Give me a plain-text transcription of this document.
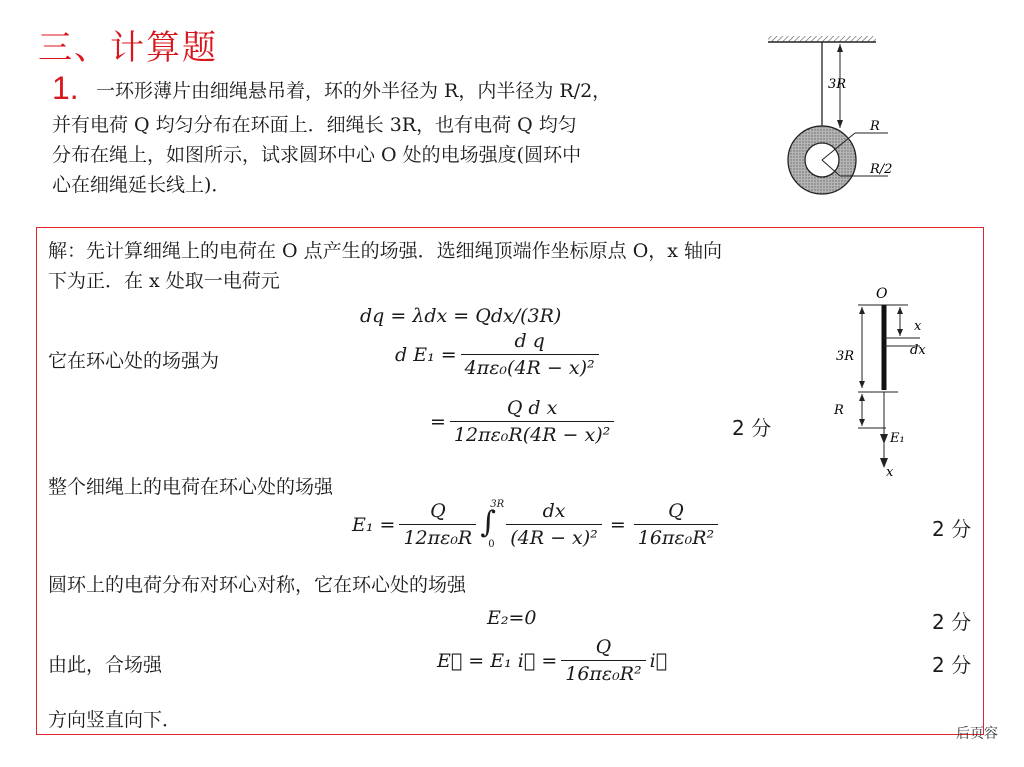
三、计算题
1. 一环形薄片由细绳悬吊着，环的外半径为 R，内半径为 R/2，
并有电荷 Q 均匀分布在环面上．细绳长 3R，也有电荷 Q 均匀
分布在绳上，如图所示，试求圆环中心 O 处的电场强度(圆环中
心在细绳延长线上)．
3R
R
R/2
解：先计算细绳上的电荷在 O 点产生的场强．选细绳顶端作坐标原点 O，x 轴向
下为正．在 x 处取一电荷元
dq = λdx = Qdx/(3R)
它在环心处的场强为	d $E_1 = \frac{\text{d q}}{\text{4πε₀(4R − x)²}}$
= $\frac{\text{Q d x}}{\text{12πε₀R(4R − x)²}}$	2 分
O
x
dx
3R
R
E₁
x
整个细绳上的电荷在环心处的场强
$E_1 = \frac{Q}{\text{12πε₀R}}$ ∫
3R
$0 \frac{dx}{\text{(4R − x)²}} = \frac{Q}{\text{16πε₀R²}}$	2 分
圆环上的电荷分布对环心对称，它在环心处的场强
E₂=0	2 分
由此，合场强	E⃗ = E₁ i⃗ = $\frac{Q}{\text{16πε₀R²}}$ i⃗	2 分
方向竖直向下．
后页容
